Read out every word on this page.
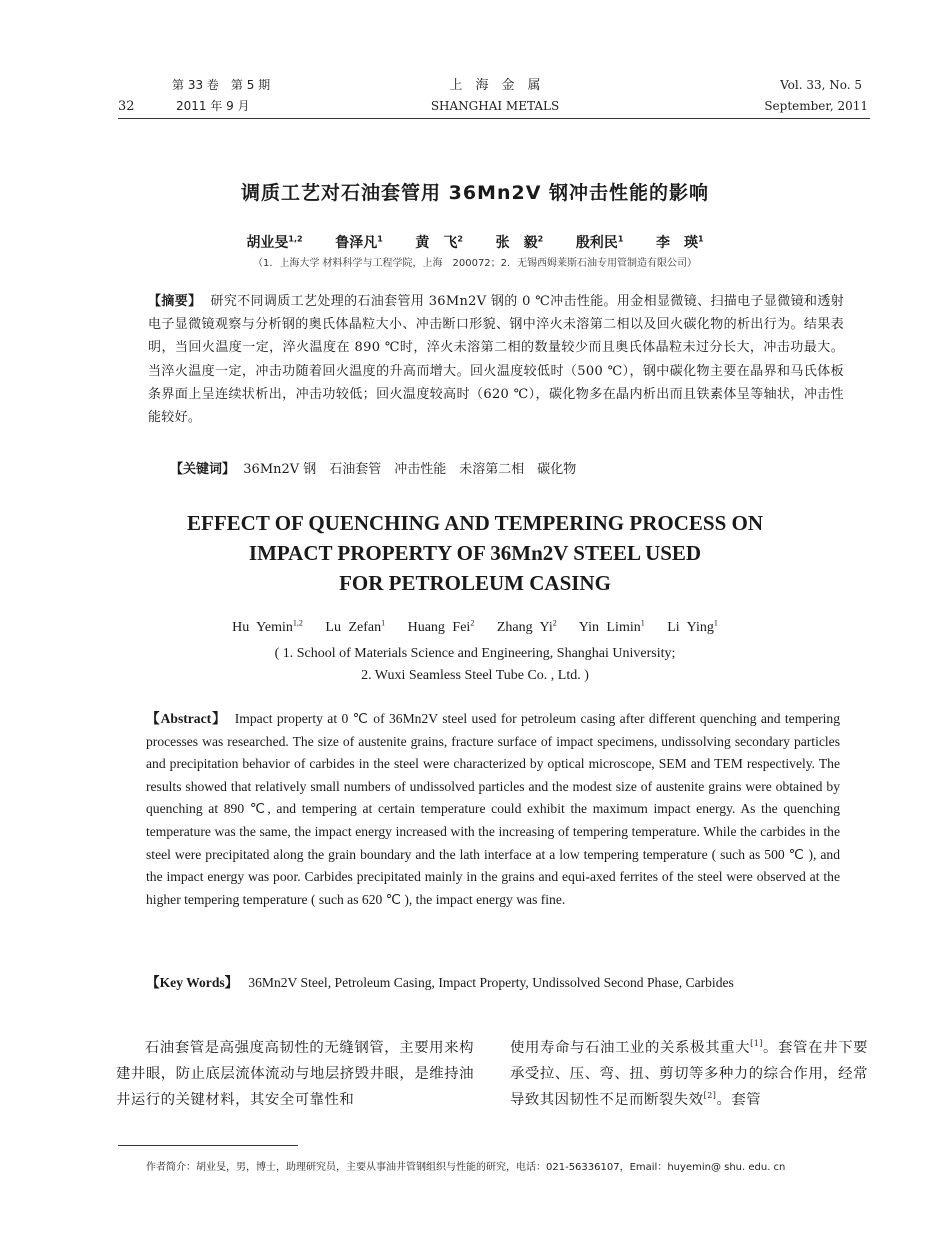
32
第 33 卷　第 5 期
2011 年 9 月
上　海　金　属
SHANGHAI METALS
Vol. 33, No. 5
September, 2011
调质工艺对石油套管用 36Mn2V 钢冲击性能的影响
胡业旻$^{1,2}$ 鲁泽凡$^1$ 黄　飞$^2$ 张　毅$^2$ 殷利民$^1$ 李　瑛$^1$
（1．上海大学 材料科学与工程学院，上海　200072；2．无锡西姆莱斯石油专用管制造有限公司）
【摘要】 研究不同调质工艺处理的石油套管用 36Mn2V 钢的 0 ℃冲击性能。用金相显微镜、扫描电子显微镜和透射电子显微镜观察与分析钢的奥氏体晶粒大小、冲击断口形貌、钢中淬火未溶第二相以及回火碳化物的析出行为。结果表明，当回火温度一定，淬火温度在 890 ℃时，淬火未溶第二相的数量较少而且奥氏体晶粒未过分长大，冲击功最大。当淬火温度一定，冲击功随着回火温度的升高而增大。回火温度较低时（500 ℃），钢中碳化物主要在晶界和马氏体板条界面上呈连续状析出，冲击功较低；回火温度较高时（620 ℃），碳化物多在晶内析出而且铁素体呈等轴状，冲击性能较好。
【关键词】 36Mn2V 钢　石油套管　冲击性能　未溶第二相　碳化物
EFFECT OF QUENCHING AND TEMPERING PROCESS ON
IMPACT PROPERTY OF 36Mn2V STEEL USED
FOR PETROLEUM CASING
Hu Yemin$^{1,2}$ Lu Zefan$^1$ Huang Fei$^2$ Zhang Yi$^2$ Yin Limin$^1$ Li Ying$^1$
( 1. School of Materials Science and Engineering, Shanghai University;
2. Wuxi Seamless Steel Tube Co. , Ltd. )
【Abstract】 Impact property at 0 ℃ of 36Mn2V steel used for petroleum casing after different quenching and tempering processes was researched. The size of austenite grains, fracture surface of impact specimens, undissolving secondary particles and precipitation behavior of carbides in the steel were characterized by optical microscope, SEM and TEM respectively. The results showed that relatively small numbers of undissolved particles and the modest size of austenite grains were obtained by quenching at 890 ℃, and tempering at certain temperature could exhibit the maximum impact energy. As the quenching temperature was the same, the impact energy increased with the increasing of tempering temperature. While the carbides in the steel were precipitated along the grain boundary and the lath interface at a low tempering temperature ( such as 500 ℃ ), and the impact energy was poor. Carbides precipitated mainly in the grains and equi-axed ferrites of the steel were observed at the higher tempering temperature ( such as 620 ℃ ), the impact energy was fine.
【Key Words】 36Mn2V Steel, Petroleum Casing, Impact Property, Undissolved Second Phase, Carbides
石油套管是高强度高韧性的无缝钢管，主要用来构建井眼，防止底层流体流动与地层挤毁井眼，是维持油井运行的关键材料，其安全可靠性和
使用寿命与石油工业的关系极其重大[1]。套管在井下要承受拉、压、弯、扭、剪切等多种力的综合作用，经常导致其因韧性不足而断裂失效[2]。套管
作者简介：胡业旻，男，博士，助理研究员，主要从事油井管钢组织与性能的研究，电话：021-56336107，Email：huyemin@ shu. edu. cn
